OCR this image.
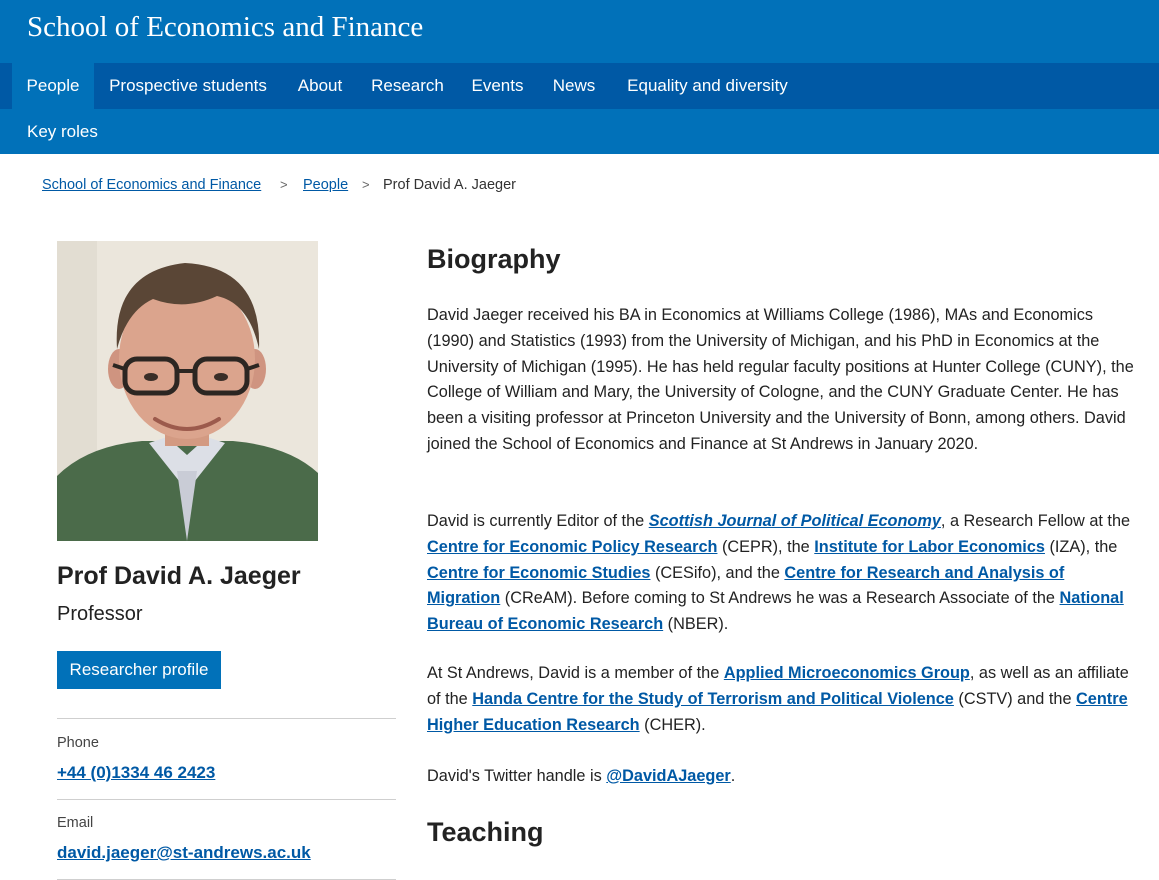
School of Economics and Finance
People	Prospective students	About	Research	Events	News	Equality and diversity
Key roles
School of Economics and Finance > People > Prof David A. Jaeger
Prof David A. Jaeger
Professor
Researcher profile
Phone
+44 (0)1334 46 2423
Email
david.jaeger@st-andrews.ac.uk
Biography

David Jaeger received his BA in Economics at Williams College (1986), MAs and Economics (1990) and Statistics (1993) from the University of Michigan, and his PhD in Economics at the University of Michigan (1995). He has held regular faculty positions at Hunter College (CUNY), the College of William and Mary, the University of Cologne, and the CUNY Graduate Center. He has been a visiting professor at Princeton University and the University of Bonn, among others. David joined the School of Economics and Finance at St Andrews in January 2020.

David is currently Editor of the Scottish Journal of Political Economy, a Research Fellow at the Centre for Economic Policy Research (CEPR), the Institute for Labor Economics (IZA), the Centre for Economic Studies (CESifo), and the Centre for Research and Analysis of Migration (CReAM). Before coming to St Andrews he was a Research Associate of the National Bureau of Economic Research (NBER).

At St Andrews, David is a member of the Applied Microeconomics Group, as well as an affiliate of the Handa Centre for the Study of Terrorism and Political Violence (CSTV) and the Centre Higher Education Research (CHER).

David's Twitter handle is @DavidAJaeger.

Teaching
